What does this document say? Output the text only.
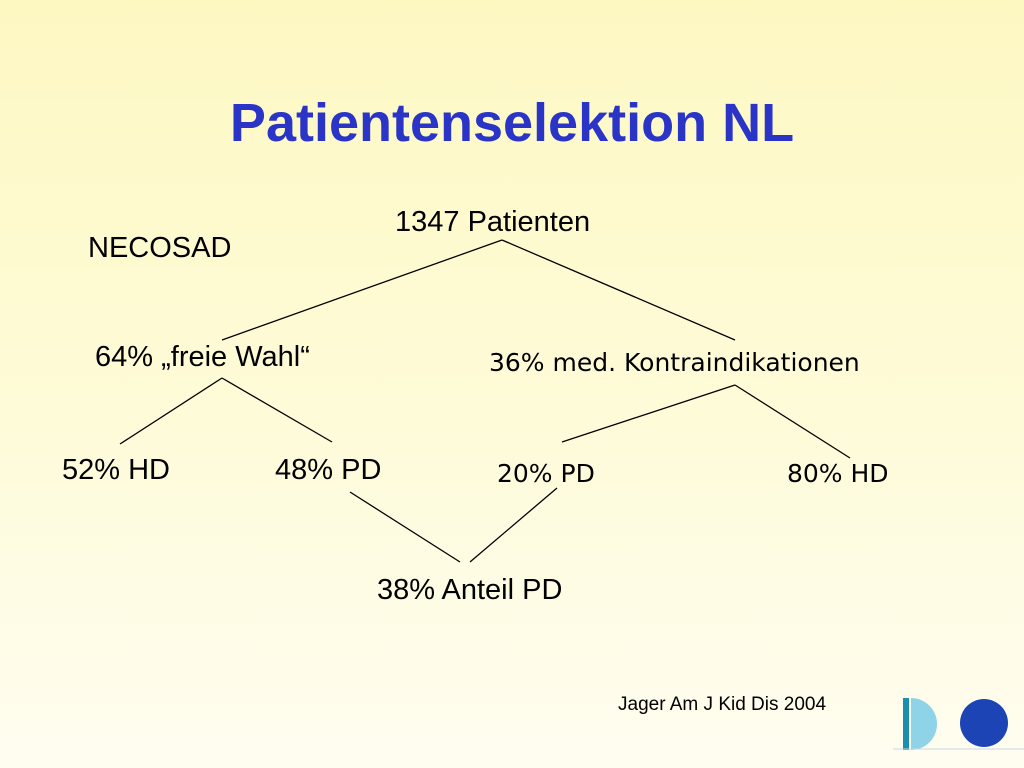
Patientenselektion NL
NECOSAD
1347 Patienten
64% „freie Wahl“	36% med. Kontraindikationen
52% HD	48% PD	20% PD	80% HD
38% Anteil PD
Jager Am J Kid Dis 2004
